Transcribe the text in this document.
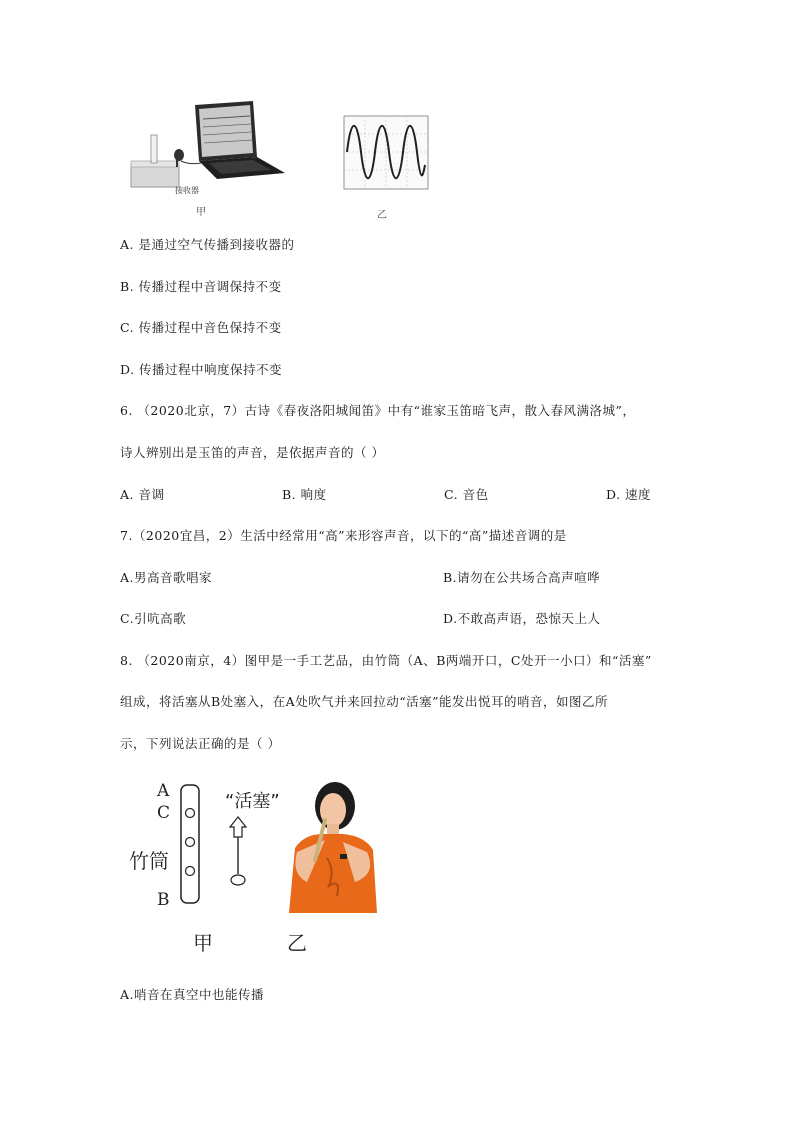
接收器
甲	乙
A. 是通过空气传播到接收器的
B. 传播过程中音调保持不变
C. 传播过程中音色保持不变
D. 传播过程中响度保持不变
6. （2020北京，7）古诗《春夜洛阳城闻笛》中有“谁家玉笛暗飞声，散入春风满洛城”，
诗人辨别出是玉笛的声音，是依据声音的（ ）
A. 音调	B. 响度	C. 音色	D. 速度
7.（2020宜昌，2）生活中经常用“高”来形容声音，以下的“高”描述音调的是
A.男高音歌唱家	B.请勿在公共场合高声喧哗
C.引吭高歌	D.不敢高声语，恐惊天上人
8. （2020南京，4）图甲是一手工艺品，由竹筒（A、B两端开口，C处开一小口）和“活塞”
组成，将活塞从B处塞入，在A处吹气并来回拉动“活塞”能发出悦耳的哨音，如图乙所
示，下列说法正确的是（ ）
A
C
B
竹筒
“活塞”
甲	乙
A.哨音在真空中也能传播
